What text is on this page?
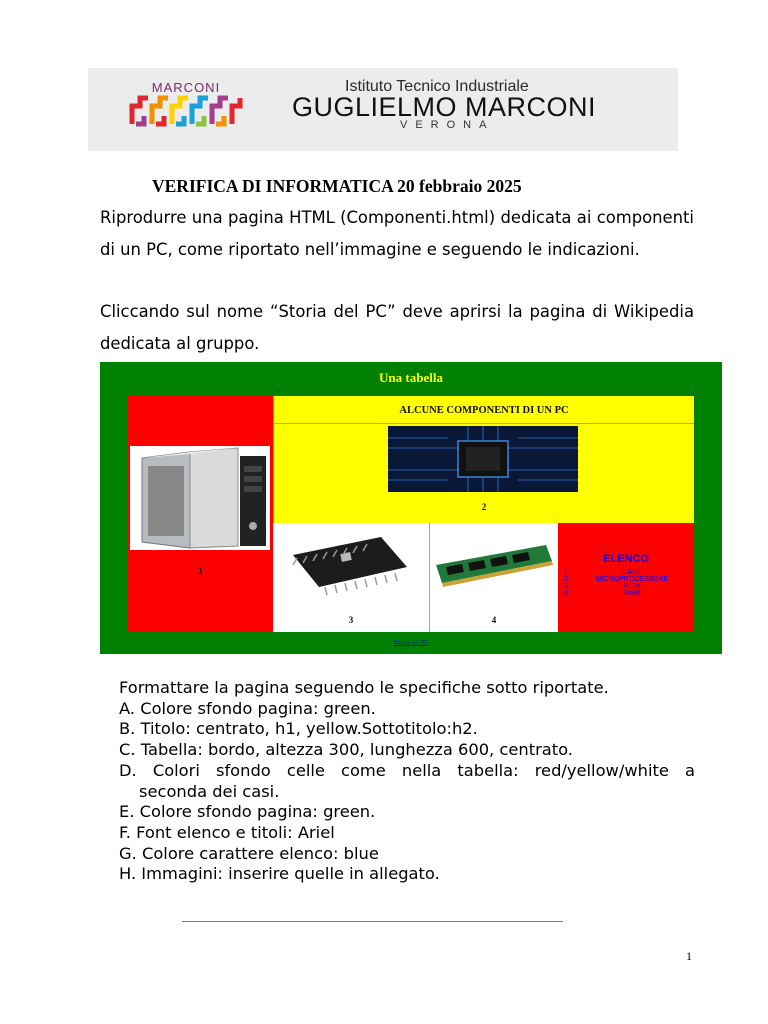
MARCONI	Istituto Tecnico Industriale
GUGLIELMO MARCONI
VERONA
VERIFICA DI INFORMATICA 20 febbraio 2025
Riprodurre una pagina HTML (Componenti.html) dedicata ai componenti di un PC, come riportato nell’immagine e seguendo le indicazioni.
Cliccando sul nome “Storia del PC” deve aprirsi la pagina di Wikipedia dedicata al gruppo.
Una tabella
1
ALCUNE COMPONENTI DI UN PC
2
3	4
ELENCO
1	CASE
2	MICROPROCESSORE
3	ROM
4	RAM
Storia del PC
Formattare la pagina seguendo le specifiche sotto riportate.
A. Colore sfondo pagina: green.
B. Titolo: centrato, h1, yellow.Sottotitolo:h2.
C. Tabella: bordo, altezza 300, lunghezza 600, centrato.
D. Colori sfondo celle come nella tabella: red/yellow/white a
seconda dei casi.
E. Colore sfondo pagina: green.
F. Font elenco e titoli: Ariel
G. Colore carattere elenco: blue
H. Immagini: inserire quelle in allegato.
1
